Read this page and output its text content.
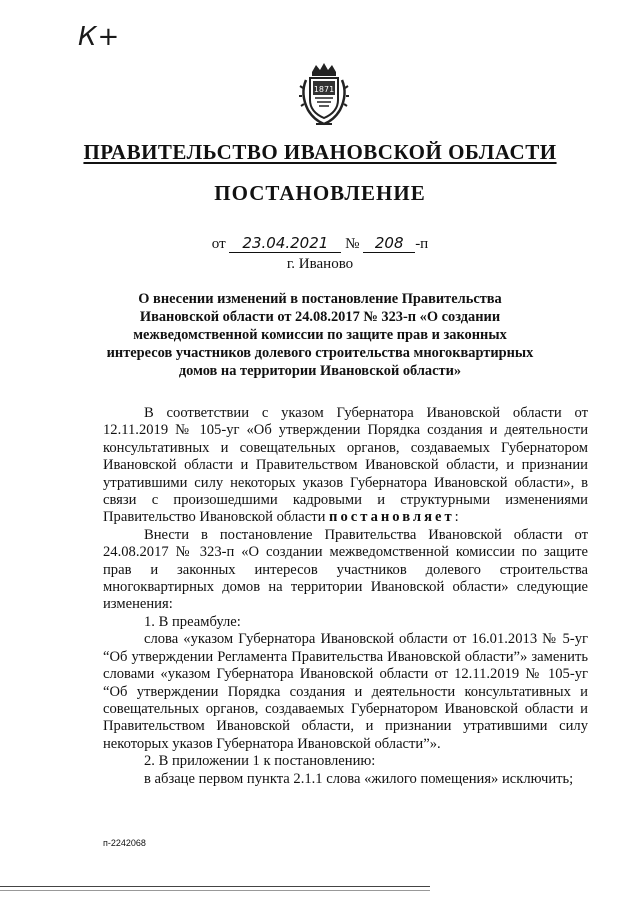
К+
1871
ПРАВИТЕЛЬСТВО ИВАНОВСКОЙ ОБЛАСТИ
ПОСТАНОВЛЕНИЕ
от 23.04.2021 № 208 -п
г. Иваново
О внесении изменений в постановление Правительства Ивановской области от 24.08.2017 № 323-п «О создании межведомственной комиссии по защите прав и законных интересов участников долевого строительства многоквартирных домов на территории Ивановской области»

В соответствии с указом Губернатора Ивановской области от 12.11.2019 № 105-уг «Об утверждении Порядка создания и деятельности консультативных и совещательных органов, создаваемых Губернатором Ивановской области и Правительством Ивановской области, и признании утратившими силу некоторых указов Губернатора Ивановской области», в связи с произошедшими кадровыми и структурными изменениями Правительство Ивановской области постановляет:

Внести в постановление Правительства Ивановской области от 24.08.2017 № 323-п «О создании межведомственной комиссии по защите прав и законных интересов участников долевого строительства многоквартирных домов на территории Ивановской области» следующие изменения:

1. В преамбуле:

слова «указом Губернатора Ивановской области от 16.01.2013 № 5-уг “Об утверждении Регламента Правительства Ивановской области”» заменить словами «указом Губернатора Ивановской области от 12.11.2019 № 105-уг “Об утверждении Порядка создания и деятельности консультативных и совещательных органов, создаваемых Губернатором Ивановской области и Правительством Ивановской области, и признании утратившими силу некоторых указов Губернатора Ивановской области”».

2. В приложении 1 к постановлению:

в абзаце первом пункта 2.1.1 слова «жилого помещения» исключить;

п-2242068
